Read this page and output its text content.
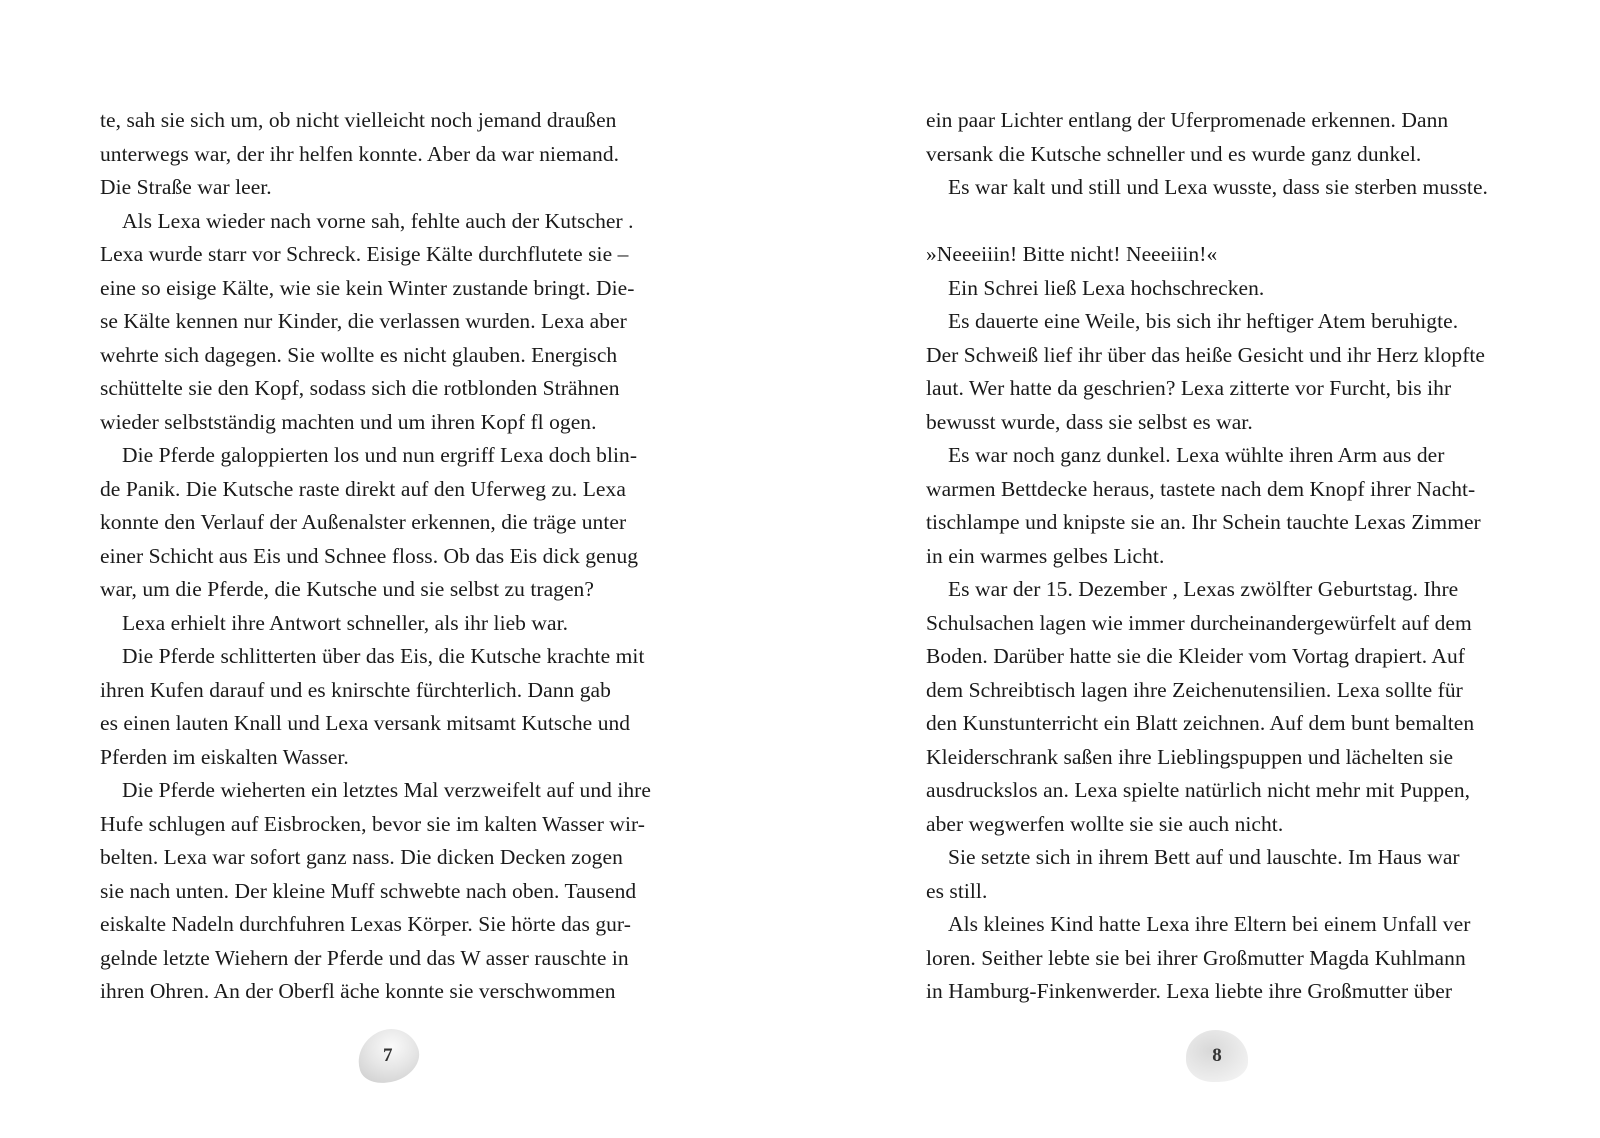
te, sah sie sich um, ob nicht vielleicht noch jemand draußen
unterwegs war, der ihr helfen konnte. Aber da war niemand.
Die Straße war leer.
Als Lexa wieder nach vorne sah, fehlte auch der Kutscher .
Lexa wurde starr vor Schreck. Eisige Kälte durchflutete sie –
eine so eisige Kälte, wie sie kein Winter zustande bringt. Die-
se Kälte kennen nur Kinder, die verlassen wurden. Lexa aber
wehrte sich dagegen. Sie wollte es nicht glauben. Energisch
schüttelte sie den Kopf, sodass sich die rotblonden Strähnen
wieder selbstständig machten und um ihren Kopf fl ogen.
Die Pferde galoppierten los und nun ergriff Lexa doch blin-
de Panik. Die Kutsche raste direkt auf den Uferweg zu. Lexa
konnte den Verlauf der Außenalster erkennen, die träge unter
einer Schicht aus Eis und Schnee floss. Ob das Eis dick genug
war, um die Pferde, die Kutsche und sie selbst zu tragen?
Lexa erhielt ihre Antwort schneller, als ihr lieb war.
Die Pferde schlitterten über das Eis, die Kutsche krachte mit
ihren Kufen darauf und es knirschte fürchterlich. Dann gab
es einen lauten Knall und Lexa versank mitsamt Kutsche und
Pferden im eiskalten Wasser.
Die Pferde wieherten ein letztes Mal verzweifelt auf und ihre
Hufe schlugen auf Eisbrocken, bevor sie im kalten Wasser wir-
belten. Lexa war sofort ganz nass. Die dicken Decken zogen
sie nach unten. Der kleine Muff schwebte nach oben. Tausend
eiskalte Nadeln durchfuhren Lexas Körper. Sie hörte das gur-
gelnde letzte Wiehern der Pferde und das W asser rauschte in
ihren Ohren. An der Oberfl äche konnte sie verschwommen
ein paar Lichter entlang der Uferpromenade erkennen. Dann
versank die Kutsche schneller und es wurde ganz dunkel.
Es war kalt und still und Lexa wusste, dass sie sterben musste.
»Neeeiiin! Bitte nicht! Neeeiiin!«
Ein Schrei ließ Lexa hochschrecken.
Es dauerte eine Weile, bis sich ihr heftiger Atem beruhigte.
Der Schweiß lief ihr über das heiße Gesicht und ihr Herz klopfte
laut. Wer hatte da geschrien? Lexa zitterte vor Furcht, bis ihr
bewusst wurde, dass sie selbst es war.
Es war noch ganz dunkel. Lexa wühlte ihren Arm aus der
warmen Bettdecke heraus, tastete nach dem Knopf ihrer Nacht-
tischlampe und knipste sie an. Ihr Schein tauchte Lexas Zimmer
in ein warmes gelbes Licht.
Es war der 15. Dezember , Lexas zwölfter Geburtstag. Ihre
Schulsachen lagen wie immer durcheinandergewürfelt auf dem
Boden. Darüber hatte sie die Kleider vom Vortag drapiert. Auf
dem Schreibtisch lagen ihre Zeichenutensilien. Lexa sollte für
den Kunstunterricht ein Blatt zeichnen. Auf dem bunt bemalten
Kleiderschrank saßen ihre Lieblingspuppen und lächelten sie
ausdruckslos an. Lexa spielte natürlich nicht mehr mit Puppen,
aber wegwerfen wollte sie sie auch nicht.
Sie setzte sich in ihrem Bett auf und lauschte. Im Haus war
es still.
Als kleines Kind hatte Lexa ihre Eltern bei einem Unfall ver
loren. Seither lebte sie bei ihrer Großmutter Magda Kuhlmann
in Hamburg-Finkenwerder. Lexa liebte ihre Großmutter über
7	8
